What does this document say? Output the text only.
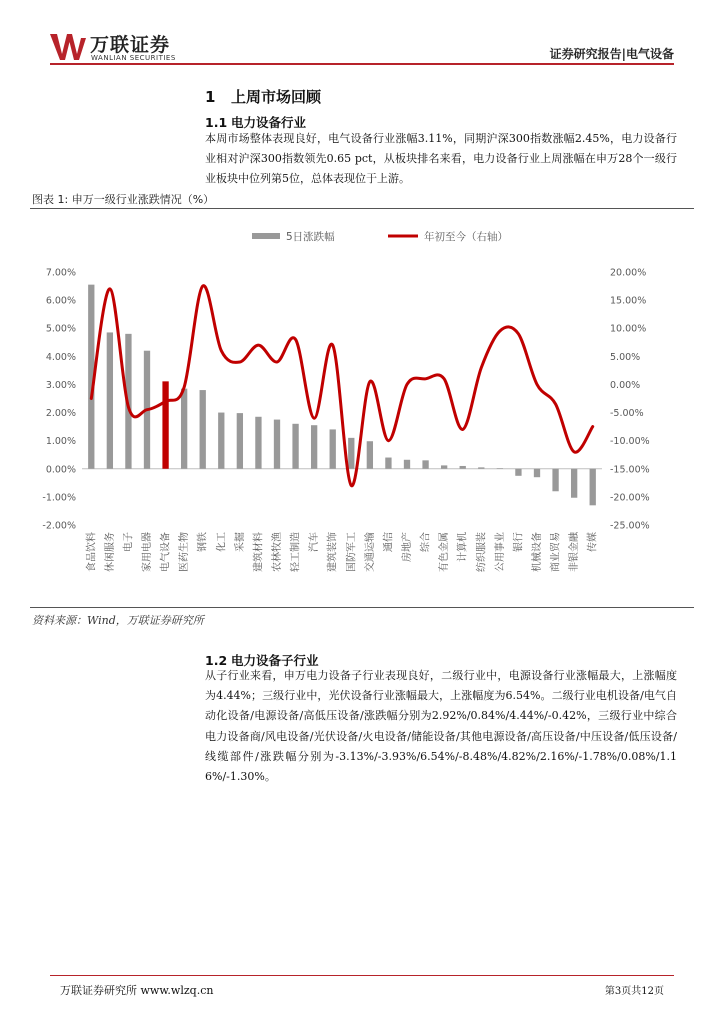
万联证券
WANLIAN SECURITIES	证券研究报告|电气设备
1 上周市场回顾
1.1 电力设备行业

本周市场整体表现良好，电气设备行业涨幅3.11%，同期沪深300指数涨幅2.45%，电力设备行业相对沪深300指数领先0.65 pct，从板块排名来看，电力设备行业上周涨幅在申万28个一级行业板块中位列第5位，总体表现位于上游。

图表 1: 申万一级行业涨跌情况（%）
5日涨跌幅	年初至今（右轴）
7.00%
6.00%
5.00%
4.00%
3.00%
2.00%
1.00%
0.00%
-1.00%
-2.00%
20.00%
15.00%
10.00%
5.00%
0.00%
-5.00%
-10.00%
-15.00%
-20.00%
-25.00%
食品饮料 休闲服务 电子 家用电器 电气设备 医药生物 钢铁 化工 采掘 建筑材料 农林牧渔 轻工制造 汽车 建筑装饰 国防军工 交通运输 通信 房地产 综合 有色金属 计算机 纺织服装 公用事业 银行 机械设备 商业贸易 非银金融 传媒
资料来源：Wind，万联证券研究所
1.2 电力设备子行业

从子行业来看，申万电力设备子行业表现良好，二级行业中，电源设备行业涨幅最大，上涨幅度为4.44%；三级行业中，光伏设备行业涨幅最大，上涨幅度为6.54%。二级行业电机设备/电气自动化设备/电源设备/高低压设备/涨跌幅分别为2.92%/0.84%/4.44%/-0.42%，三级行业中综合电力设备商/风电设备/光伏设备/火电设备/储能设备/其他电源设备/高压设备/中压设备/低压设备/线缆部件/涨跌幅分别为-3.13%/-3.93%/6.54%/-8.48%/4.82%/2.16%/-1.78%/0.08%/1.16%/-1.30%。

万联证券研究所 www.wlzq.cn	第3页共12页
